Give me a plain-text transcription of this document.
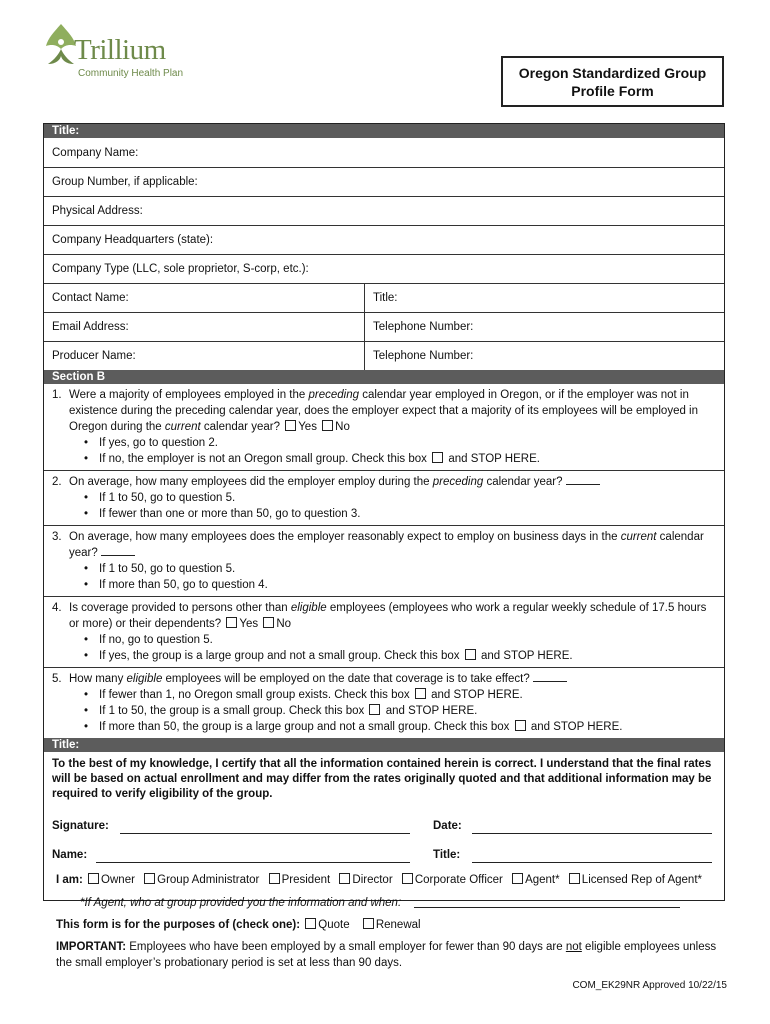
Trillium
Community Health Plan	Oregon Standardized Group
Profile Form
Title:
Company Name:
Group Number, if applicable:
Physical Address:
Company Headquarters (state):
Company Type (LLC, sole proprietor, S-corp, etc.):
Contact Name:	Title:
Email Address:	Telephone Number:
Producer Name:	Telephone Number:
Section B
1. Were a majority of employees employed in the preceding calendar year employed in Oregon, or if the employer was not in existence during the preceding calendar year, does the employer expect that a majority of its employees will be employed in Oregon during the current calendar year? Yes No
• If yes, go to question 2.
• If no, the employer is not an Oregon small group. Check this box and STOP HERE.
2. On average, how many employees did the employer employ during the preceding calendar year?
• If 1 to 50, go to question 5.
• If fewer than one or more than 50, go to question 3.
3. On average, how many employees does the employer reasonably expect to employ on business days in the current calendar year?
• If 1 to 50, go to question 5.
• If more than 50, go to question 4.
4. Is coverage provided to persons other than eligible employees (employees who work a regular weekly schedule of 17.5 hours or more) or their dependents? Yes No
• If no, go to question 5.
• If yes, the group is a large group and not a small group. Check this box and STOP HERE.
5. How many eligible employees will be employed on the date that coverage is to take effect?
• If fewer than 1, no Oregon small group exists. Check this box and STOP HERE.
• If 1 to 50, the group is a small group. Check this box and STOP HERE.
• If more than 50, the group is a large group and not a small group. Check this box and STOP HERE.
Title:
To the best of my knowledge, I certify that all the information contained herein is correct. I understand that the final rates will be based on actual enrollment and may differ from the rates originally quoted and that additional information may be required to verify eligibility of the group.
Signature:	Date:
Name:	Title:
I am: Owner Group Administrator President Director Corporate Officer Agent* Licensed Rep of Agent*
*If Agent, who at group provided you the information and when:
This form is for the purposes of (check one): Quote Renewal
IMPORTANT: Employees who have been employed by a small employer for fewer than 90 days are not eligible employees unless the small employer’s probationary period is set at less than 90 days.
COM_EK29NR Approved 10/22/15
